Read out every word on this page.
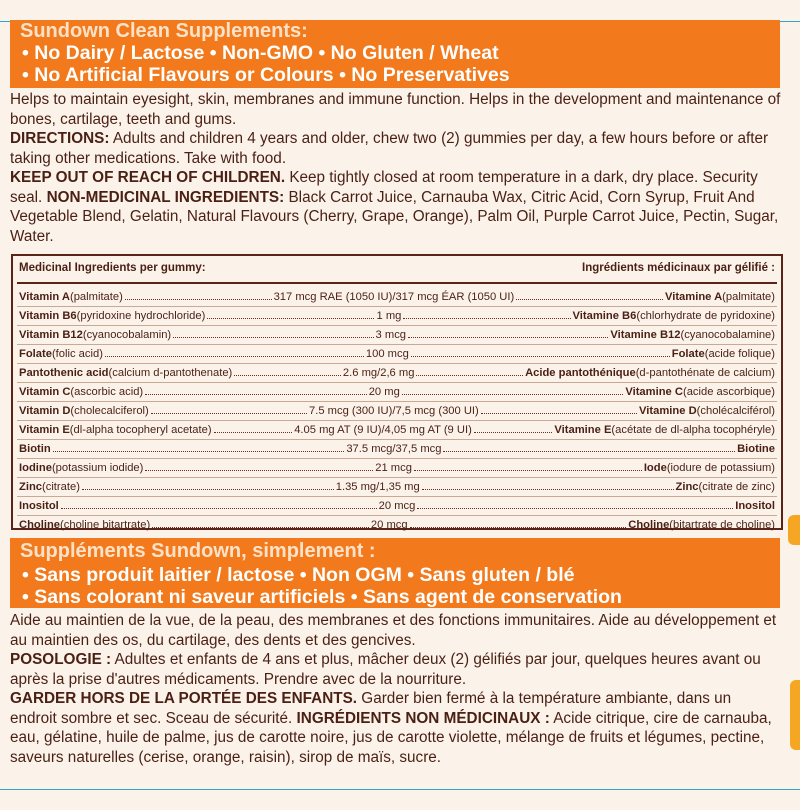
Sundown Clean Supplements:
• No Dairy / Lactose • Non-GMO • No Gluten / Wheat
• No Artificial Flavours or Colours • No Preservatives
Helps to maintain eyesight, skin, membranes and immune function. Helps in the development and maintenance of bones, cartilage, teeth and gums.
DIRECTIONS: Adults and children 4 years and older, chew two (2) gummies per day, a few hours before or after taking other medications. Take with food.
KEEP OUT OF REACH OF CHILDREN. Keep tightly closed at room temperature in a dark, dry place. Security seal. NON-MEDICINAL INGREDIENTS: Black Carrot Juice, Carnauba Wax, Citric Acid, Corn Syrup, Fruit And Vegetable Blend, Gelatin, Natural Flavours (Cherry, Grape, Orange), Palm Oil, Purple Carrot Juice, Pectin, Sugar, Water.
Medicinal Ingredients per gummy:	Ingrédients médicinaux par gélifié :
Vitamin A (palmitate)	317 mcg RAE (1050 IU)/317 mcg ÉAR (1050 UI)	Vitamine A (palmitate)
Vitamin B6 (pyridoxine hydrochloride)	1 mg	Vitamine B6 (chlorhydrate de pyridoxine)
Vitamin B12 (cyanocobalamin)	3 mcg	Vitamine B12 (cyanocobalamine)
Folate (folic acid)	100 mcg	Folate (acide folique)
Pantothenic acid (calcium d-pantothenate)	2.6 mg/2,6 mg	Acide pantothénique (d-pantothénate de calcium)
Vitamin C (ascorbic acid)	20 mg	Vitamine C (acide ascorbique)
Vitamin D (cholecalciferol)	7.5 mcg (300 IU)/7,5 mcg (300 UI)	Vitamine D (cholécalciférol)
Vitamin E (dl-alpha tocopheryl acetate)	4.05 mg AT (9 IU)/4,05 mg AT (9 UI)	Vitamine E (acétate de dl-alpha tocophéryle)
Biotin	37.5 mcg/37,5 mcg	Biotine
Iodine (potassium iodide)	21 mcg	Iode (iodure de potassium)
Zinc (citrate)	1.35 mg/1,35 mg	Zinc (citrate de zinc)
Inositol	20 mcg	Inositol
Choline (choline bitartrate)	20 mcg	Choline (bitartrate de choline)
Suppléments Sundown, simplement :
• Sans produit laitier / lactose • Non OGM • Sans gluten / blé
• Sans colorant ni saveur artificiels • Sans agent de conservation
Aide au maintien de la vue, de la peau, des membranes et des fonctions immunitaires. Aide au développement et au maintien des os, du cartilage, des dents et des gencives.
POSOLOGIE : Adultes et enfants de 4 ans et plus, mâcher deux (2) gélifiés par jour, quelques heures avant ou après la prise d'autres médicaments. Prendre avec de la nourriture.
GARDER HORS DE LA PORTÉE DES ENFANTS. Garder bien fermé à la température ambiante, dans un endroit sombre et sec. Sceau de sécurité. INGRÉDIENTS NON MÉDICINAUX : Acide citrique, cire de carnauba, eau, gélatine, huile de palme, jus de carotte noire, jus de carotte violette, mélange de fruits et légumes, pectine, saveurs naturelles (cerise, orange, raisin), sirop de maïs, sucre.
